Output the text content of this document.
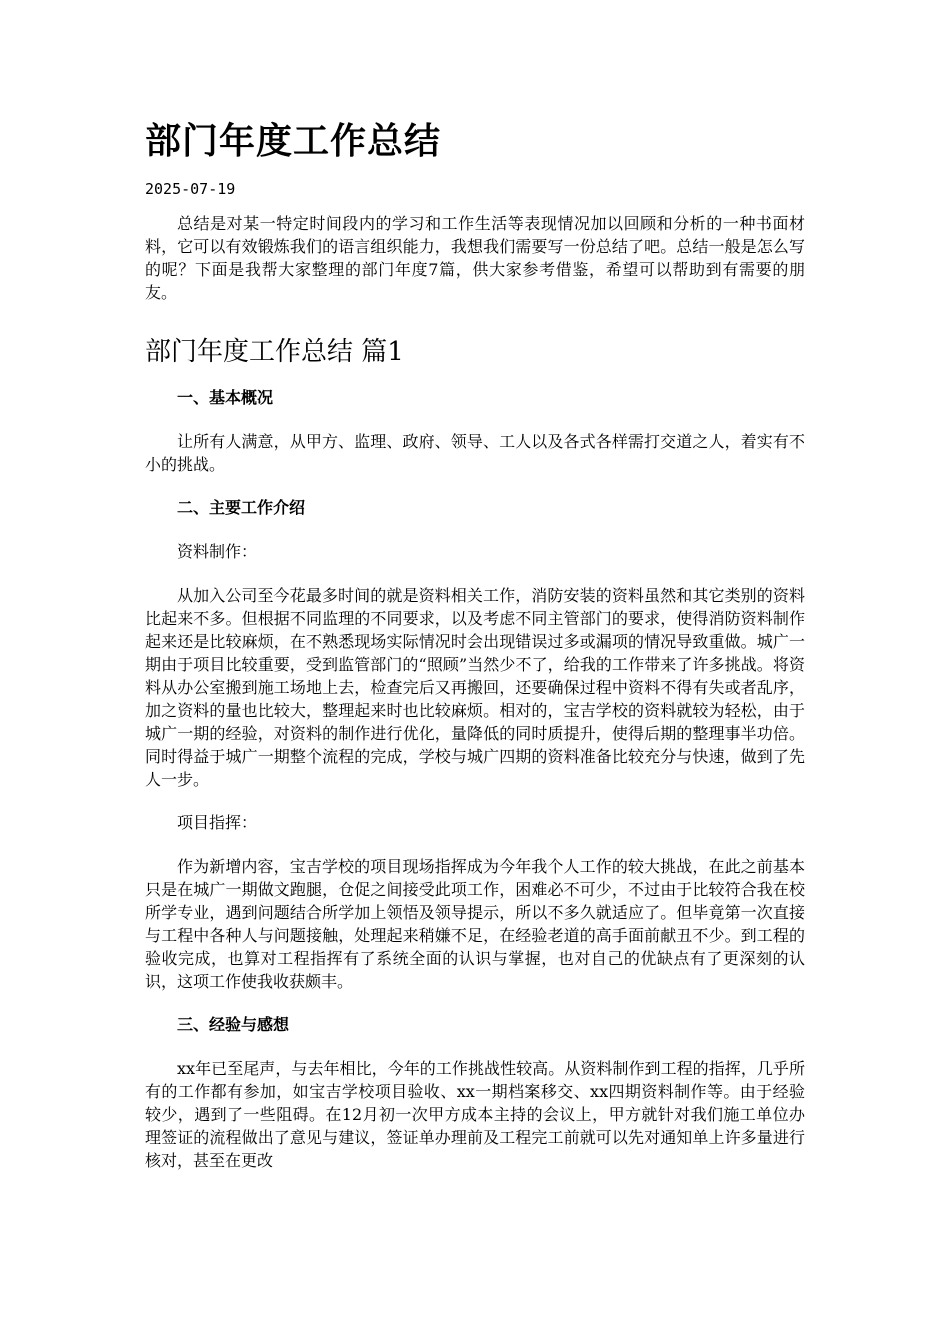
部门年度工作总结
2025-07-19

总结是对某一特定时间段内的学习和工作生活等表现情况加以回顾和分析的一种书面材料，它可以有效锻炼我们的语言组织能力，我想我们需要写一份总结了吧。总结一般是怎么写的呢？下面是我帮大家整理的部门年度7篇，供大家参考借鉴，希望可以帮助到有需要的朋友。

部门年度工作总结 篇1
一、基本概况

让所有人满意，从甲方、监理、政府、领导、工人以及各式各样需打交道之人，着实有不小的挑战。

二、主要工作介绍

资料制作：

从加入公司至今花最多时间的就是资料相关工作，消防安装的资料虽然和其它类别的资料比起来不多。但根据不同监理的不同要求，以及考虑不同主管部门的要求，使得消防资料制作起来还是比较麻烦，在不熟悉现场实际情况时会出现错误过多或漏项的情况导致重做。城广一期由于项目比较重要，受到监管部门的“照顾”当然少不了，给我的工作带来了许多挑战。将资料从办公室搬到施工场地上去，检查完后又再搬回，还要确保过程中资料不得有失或者乱序，加之资料的量也比较大，整理起来时也比较麻烦。相对的，宝吉学校的资料就较为轻松，由于城广一期的经验，对资料的制作进行优化，量降低的同时质提升，使得后期的整理事半功倍。同时得益于城广一期整个流程的完成，学校与城广四期的资料准备比较充分与快速，做到了先人一步。

项目指挥：

作为新增内容，宝吉学校的项目现场指挥成为今年我个人工作的较大挑战，在此之前基本只是在城广一期做文跑腿，仓促之间接受此项工作，困难必不可少，不过由于比较符合我在校所学专业，遇到问题结合所学加上领悟及领导提示，所以不多久就适应了。但毕竟第一次直接与工程中各种人与问题接触，处理起来稍嫌不足，在经验老道的高手面前献丑不少。到工程的验收完成，也算对工程指挥有了系统全面的认识与掌握，也对自己的优缺点有了更深刻的认识，这项工作使我收获颇丰。

三、经验与感想

xx年已至尾声，与去年相比，今年的工作挑战性较高。从资料制作到工程的指挥，几乎所有的工作都有参加，如宝吉学校项目验收、xx一期档案移交、xx四期资料制作等。由于经验较少，遇到了一些阻碍。在12月初一次甲方成本主持的会议上，甲方就针对我们施工单位办理签证的流程做出了意见与建议，签证单办理前及工程完工前就可以先对通知单上许多量进行核对，甚至在更改
